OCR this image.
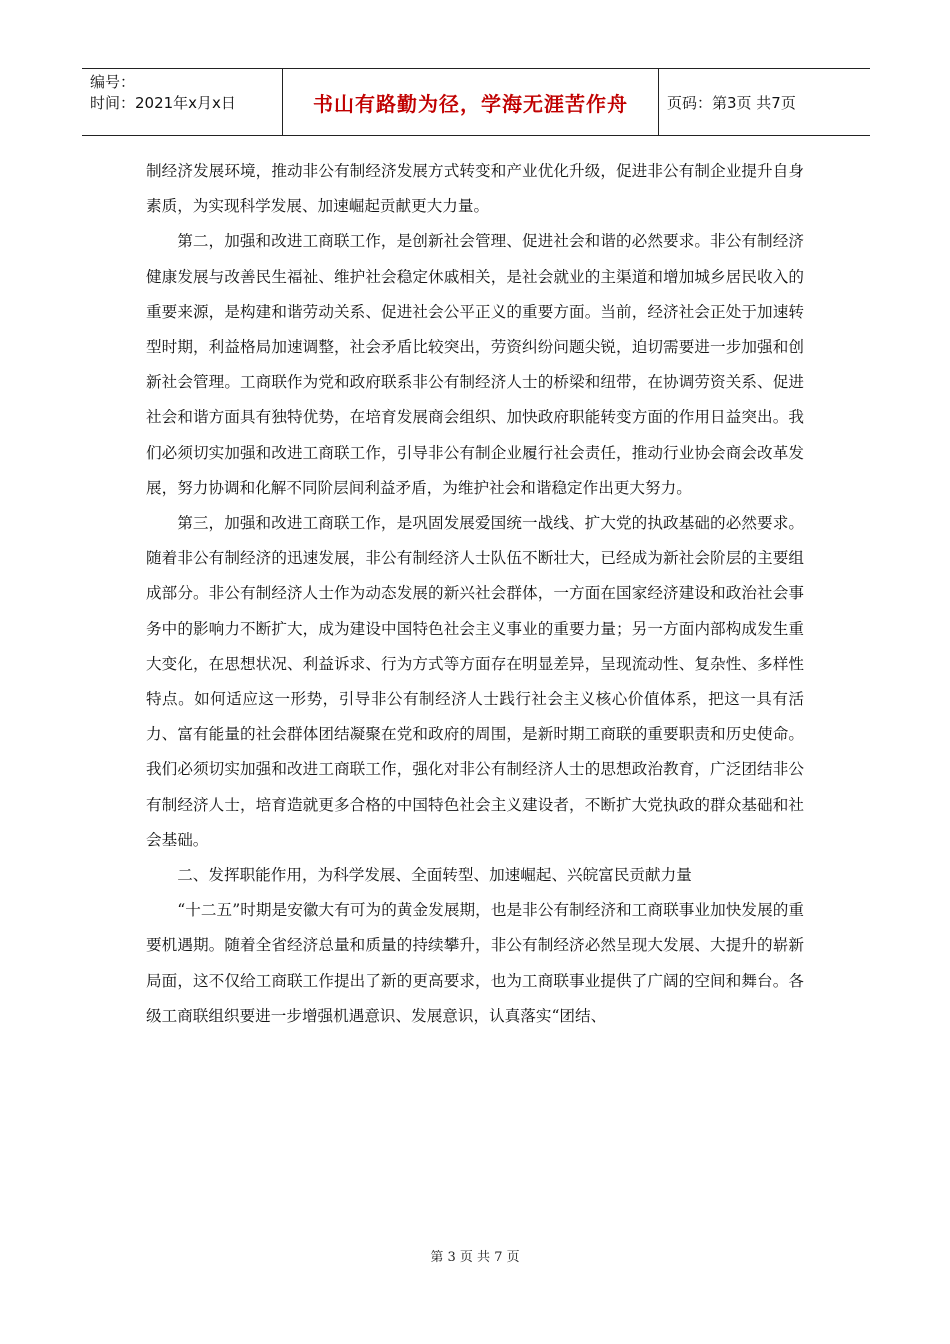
编号：
时间：2021年x月x日	书山有路勤为径，学海无涯苦作舟	页码：第3页 共7页

制经济发展环境，推动非公有制经济发展方式转变和产业优化升级，促进非公有制企业提升自身素质，为实现科学发展、加速崛起贡献更大力量。

第二，加强和改进工商联工作，是创新社会管理、促进社会和谐的必然要求。非公有制经济健康发展与改善民生福祉、维护社会稳定休戚相关，是社会就业的主渠道和增加城乡居民收入的重要来源，是构建和谐劳动关系、促进社会公平正义的重要方面。当前，经济社会正处于加速转型时期，利益格局加速调整，社会矛盾比较突出，劳资纠纷问题尖锐，迫切需要进一步加强和创新社会管理。工商联作为党和政府联系非公有制经济人士的桥梁和纽带，在协调劳资关系、促进社会和谐方面具有独特优势，在培育发展商会组织、加快政府职能转变方面的作用日益突出。我们必须切实加强和改进工商联工作，引导非公有制企业履行社会责任，推动行业协会商会改革发展，努力协调和化解不同阶层间利益矛盾，为维护社会和谐稳定作出更大努力。

第三，加强和改进工商联工作，是巩固发展爱国统一战线、扩大党的执政基础的必然要求。随着非公有制经济的迅速发展，非公有制经济人士队伍不断壮大，已经成为新社会阶层的主要组成部分。非公有制经济人士作为动态发展的新兴社会群体，一方面在国家经济建设和政治社会事务中的影响力不断扩大，成为建设中国特色社会主义事业的重要力量；另一方面内部构成发生重大变化，在思想状况、利益诉求、行为方式等方面存在明显差异，呈现流动性、复杂性、多样性特点。如何适应这一形势，引导非公有制经济人士践行社会主义核心价值体系，把这一具有活力、富有能量的社会群体团结凝聚在党和政府的周围，是新时期工商联的重要职责和历史使命。我们必须切实加强和改进工商联工作，强化对非公有制经济人士的思想政治教育，广泛团结非公有制经济人士，培育造就更多合格的中国特色社会主义建设者，不断扩大党执政的群众基础和社会基础。

二、发挥职能作用，为科学发展、全面转型、加速崛起、兴皖富民贡献力量

“十二五”时期是安徽大有可为的黄金发展期，也是非公有制经济和工商联事业加快发展的重要机遇期。随着全省经济总量和质量的持续攀升，非公有制经济必然呈现大发展、大提升的崭新局面，这不仅给工商联工作提出了新的更高要求，也为工商联事业提供了广阔的空间和舞台。各级工商联组织要进一步增强机遇意识、发展意识，认真落实“团结、

第 3 页 共 7 页
